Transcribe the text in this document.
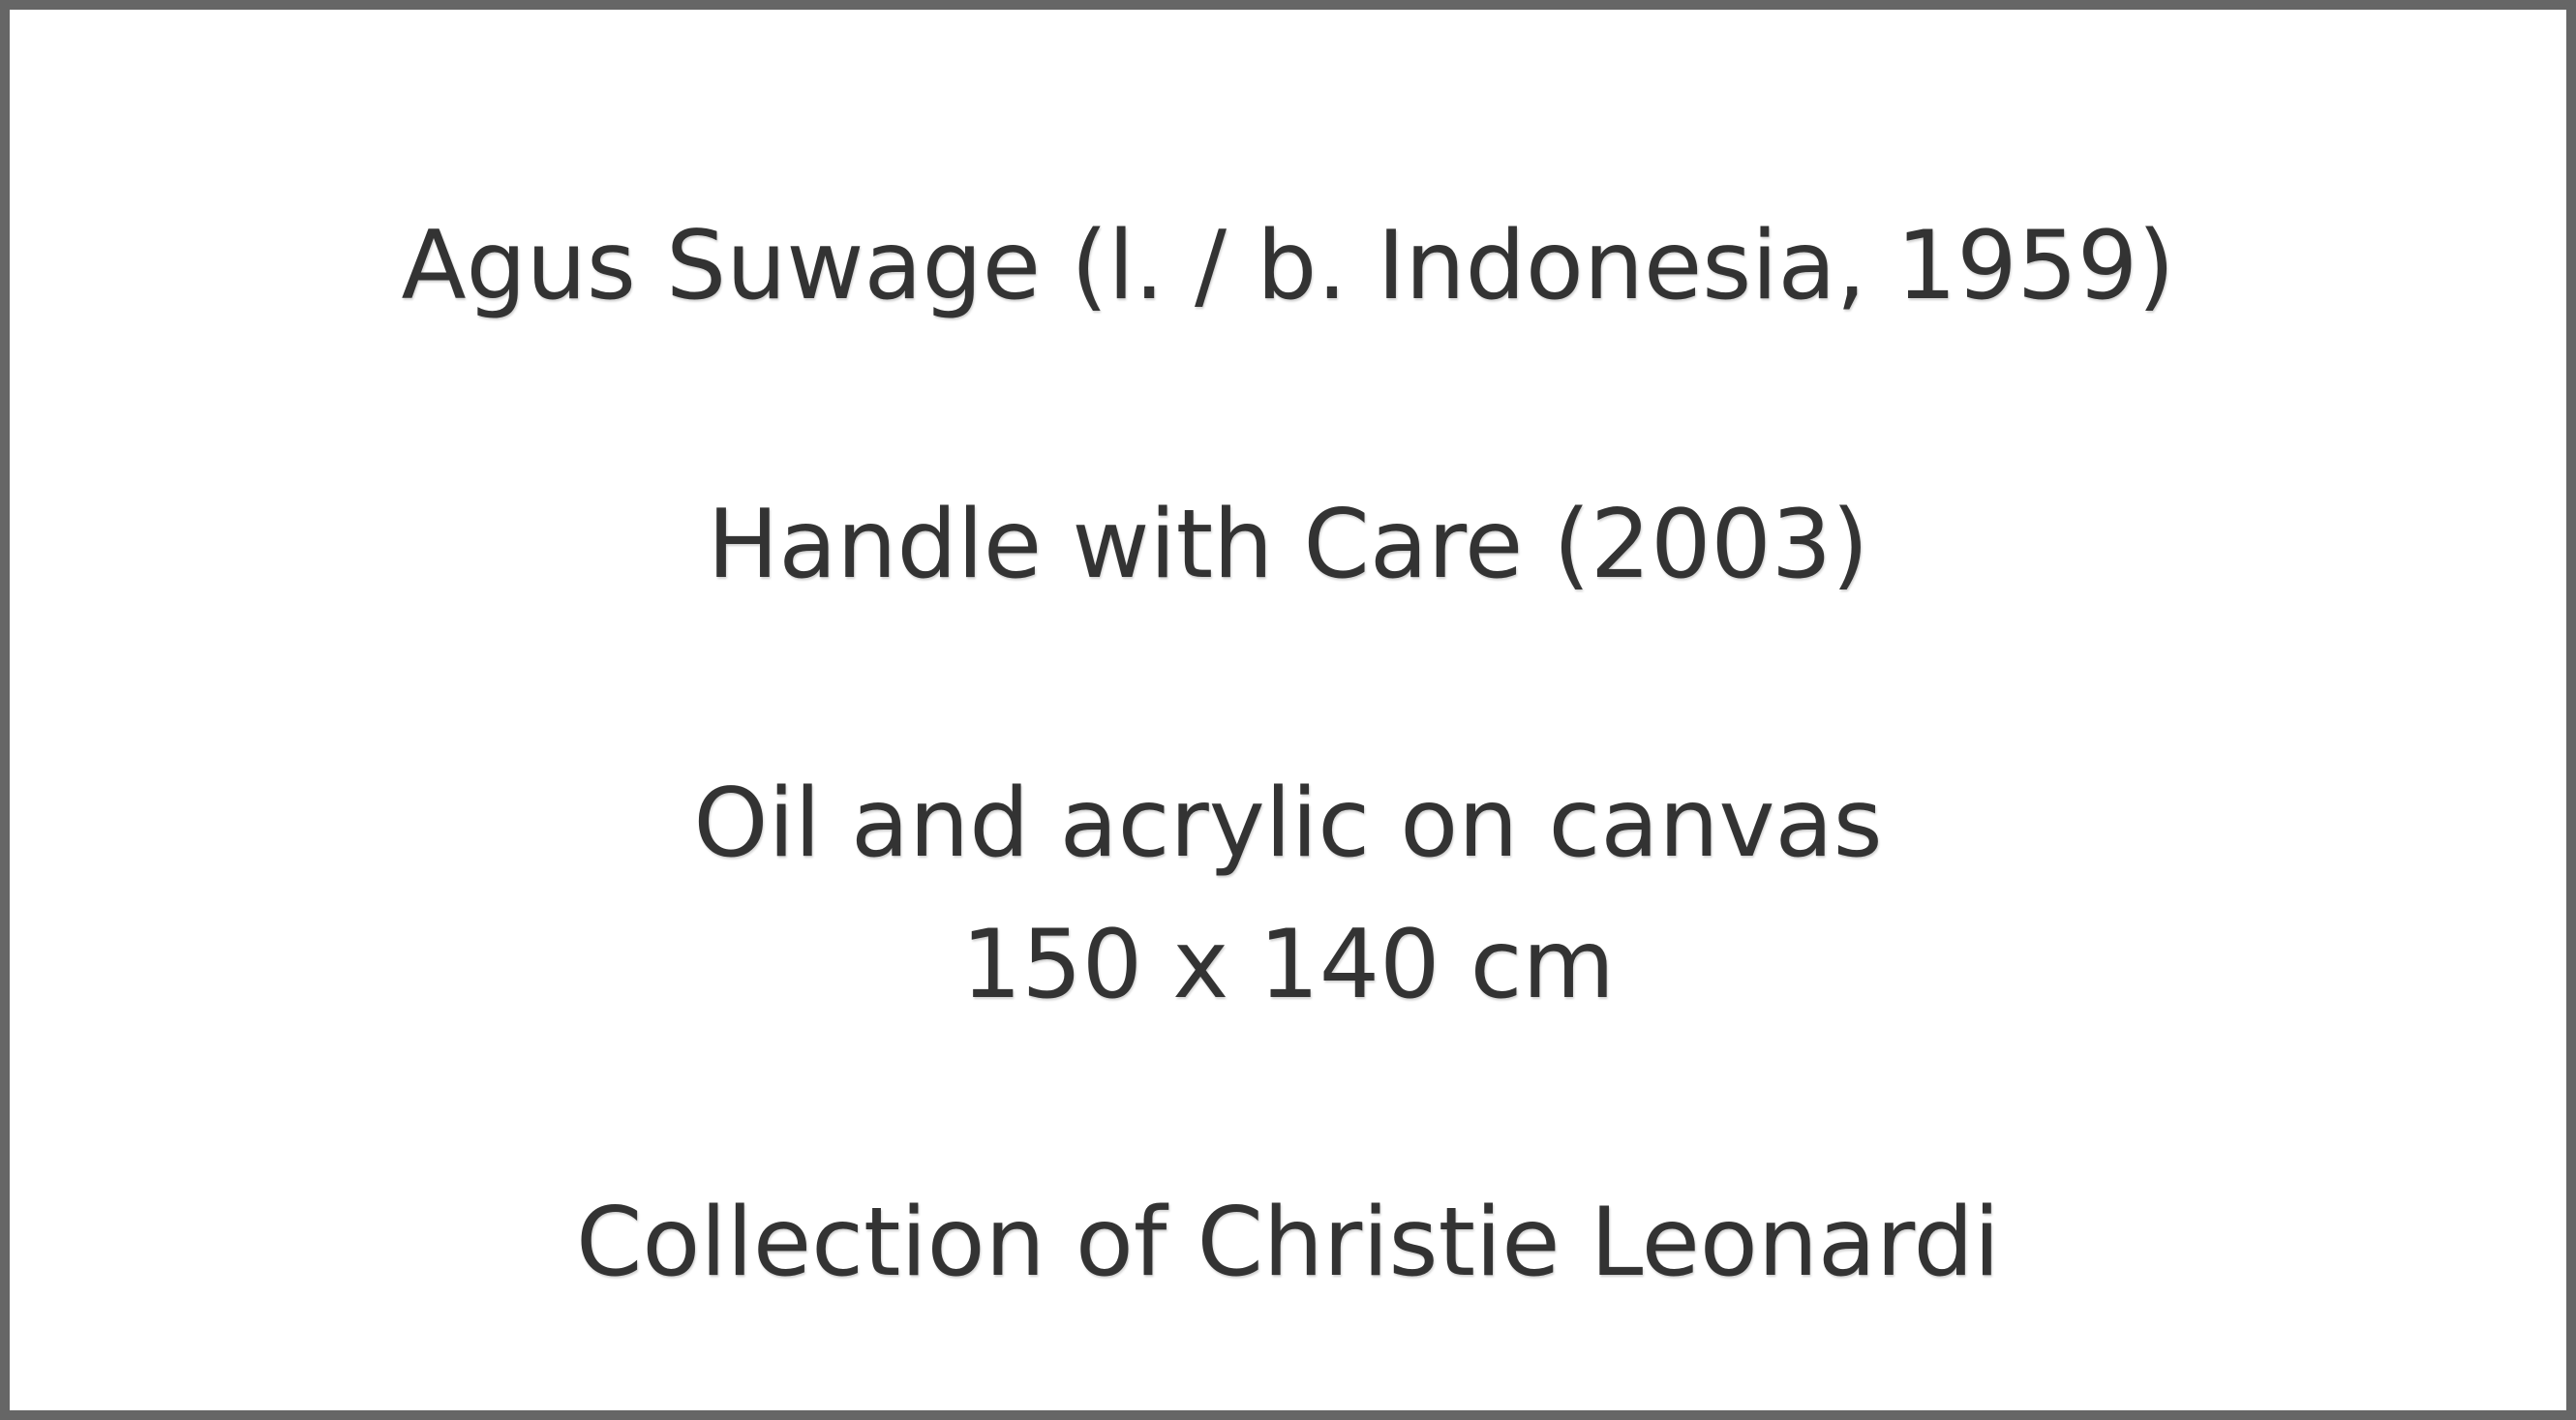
Agus Suwage (l. / b. Indonesia, 1959)
Handle with Care (2003)
Oil and acrylic on canvas
150 x 140 cm
Collection of Christie Leonardi
